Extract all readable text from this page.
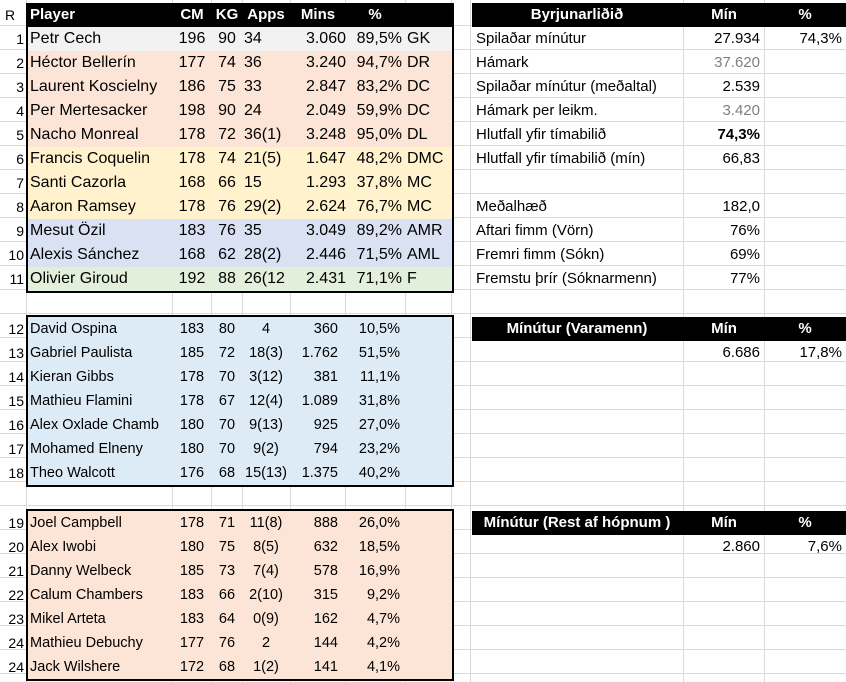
R Player	CM KG Apps	Mins	%
1 Petr Cech	196 90 34	3.060 89,5% GK
2 Héctor Bellerín	177 74 36	3.240 94,7% DR
3 Laurent Koscielny	186 75 33	2.847 83,2% DC
4 Per Mertesacker	198 90 24	2.049 59,9% DC
5 Nacho Monreal	178 72 36(1)	3.248 95,0% DL
6 Francis Coquelin	178 74 21(5)	1.647 48,2% DMC
7 Santi Cazorla	168 66 15	1.293 37,8% MC
8 Aaron Ramsey	178 76 29(2)	2.624 76,7% MC
9 Mesut Özil	183 76 35	3.049 89,2% AMR
10 Alexis Sánchez	168 62 28(2)	2.446 71,5% AML
11 Olivier Giroud	192 88 26(12	2.431 71,1% F
12 David Ospina	183	80	4	360	10,5%
13 Gabriel Paulista	185	72 18(3)	1.762	51,5%
14 Kieran Gibbs	178	70 3(12)	381	11,1%
15 Mathieu Flamini	178	67 12(4)	1.089	31,8%
16 Alex Oxlade Chamb	180	70 9(13)	925	27,0%
17 Mohamed Elneny	180	70	9(2)	794	23,2%
18 Theo Walcott	176	68 15(13)	1.375	40,2%
19 Joel Campbell	178	71	11(8)	888	26,0%
20 Alex Iwobi	180	75	8(5)	632	18,5%
21 Danny Welbeck	185	73	7(4)	578	16,9%
22 Calum Chambers	183	66 2(10)	315	9,2%
23 Mikel Arteta	183	64	0(9)	162	4,7%
24 Mathieu Debuchy	177	76	2	144	4,2%
24 Jack Wilshere	172	68	1(2)	141	4,1%
Byrjunarliðið	Mín	%
Spilaðar mínútur	27.934	74,3%
Hámark	37.620
Spilaðar mínútur (meðaltal)	2.539
Hámark per leikm.	3.420
Hlutfall yfir tímabilið	74,3%
Hlutfall yfir tímabilið (mín)	66,83
Meðalhæð	182,0
Aftari fimm (Vörn)	76%
Fremri fimm (Sókn)	69%
Fremstu þrír (Sóknarmenn)	77%
Mínútur (Varamenn)	Mín	%
6.686	17,8%
Mínútur (Rest af hópnum )	Mín	%
2.860	7,6%
